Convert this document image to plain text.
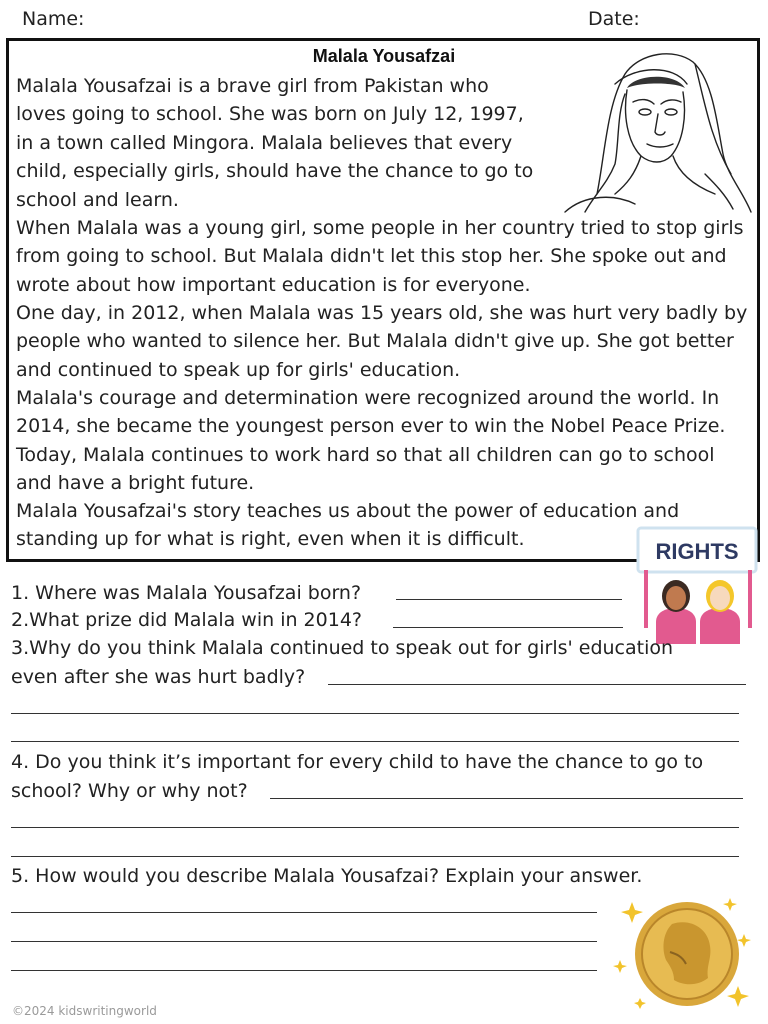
Name:	Date:
Malala Yousafzai
Malala Yousafzai is a brave girl from Pakistan who
loves going to school. She was born on July 12, 1997,
in a town called Mingora. Malala believes that every
child, especially girls, should have the chance to go to
school and learn.

When Malala was a young girl, some people in her country tried to stop girls from going to school. But Malala didn't let this stop her. She spoke out and wrote about how important education is for everyone.

One day, in 2012, when Malala was 15 years old, she was hurt very badly by people who wanted to silence her. But Malala didn't give up. She got better and continued to speak up for girls' education.

Malala's courage and determination were recognized around the world. In 2014, she became the youngest person ever to win the Nobel Peace Prize. Today, Malala continues to work hard so that all children can go to school and have a bright future.

Malala Yousafzai's story teaches us about the power of education and standing up for what is right, even when it is difficult.	RIGHTS
1. Where was Malala Yousafzai born?
2.What prize did Malala win in 2014?
3.Why do you think Malala continued to speak out for girls' education
even after she was hurt badly?
4. Do you think it’s important for every child to have the chance to go to
school? Why or why not?
5. How would you describe Malala Yousafzai? Explain your answer.
©2024 kidswritingworld
